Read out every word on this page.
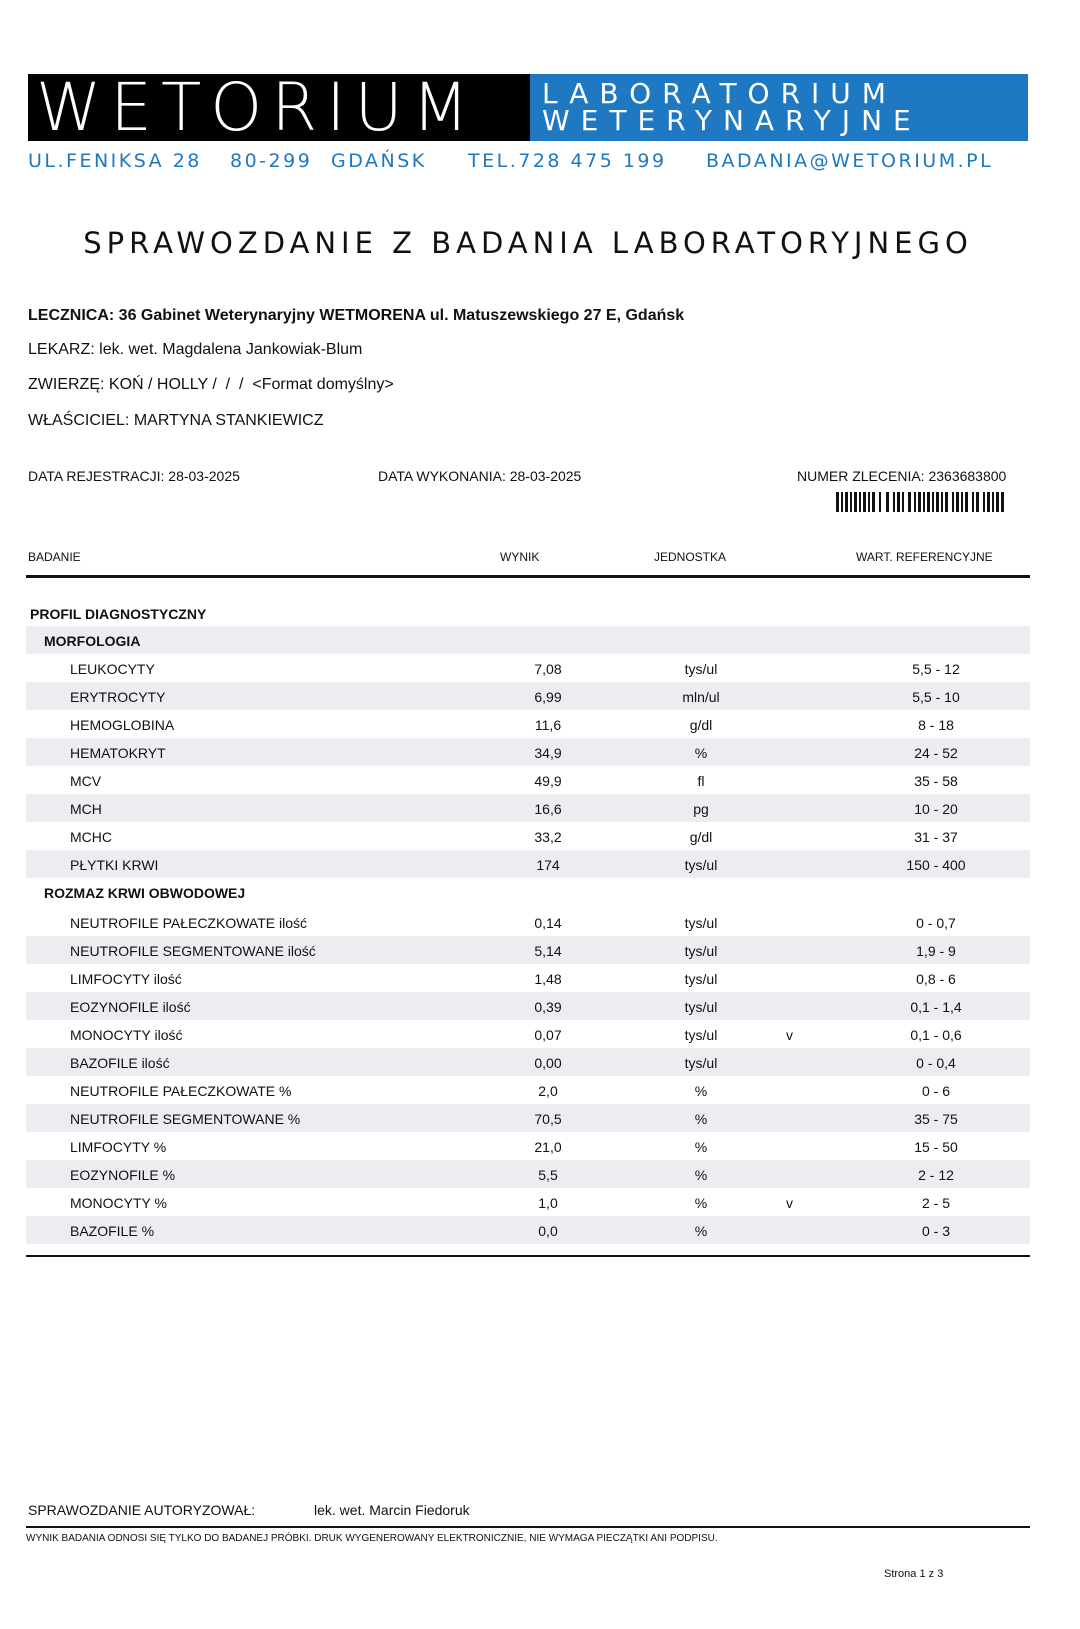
WETORIUM	LABORATORIUM
WETERYNARYJNE
UL.FENIKSA 28 80-299 GDAŃSK TEL.728 475 199 BADANIA@WETORIUM.PL
SPRAWOZDANIE Z BADANIA LABORATORYJNEGO
LECZNICA: 36 Gabinet Weterynaryjny WETMORENA ul. Matuszewskiego 27 E, Gdańsk
LEKARZ: lek. wet. Magdalena Jankowiak-Blum
ZWIERZĘ: KOŃ / HOLLY /  /  /  <Format domyślny>
WŁAŚCICIEL: MARTYNA STANKIEWICZ
DATA REJESTRACJI: 28-03-2025	DATA WYKONANIA: 28-03-2025	NUMER ZLECENIA: 2363683800
BADANIE	WYNIK	JEDNOSTKA	WART. REFERENCYJNE
PROFIL DIAGNOSTYCZNY
MORFOLOGIA
LEUKOCYTY	7,08	tys/ul	5,5 - 12
ERYTROCYTY	6,99	mln/ul	5,5 - 10
HEMOGLOBINA	11,6	g/dl	8 - 18
HEMATOKRYT	34,9	%	24 - 52
MCV	49,9	fl	35 - 58
MCH	16,6	pg	10 - 20
MCHC	33,2	g/dl	31 - 37
PŁYTKI KRWI	174	tys/ul	150 - 400
ROZMAZ KRWI OBWODOWEJ
NEUTROFILE PAŁECZKOWATE ilość	0,14	tys/ul	0 - 0,7
NEUTROFILE SEGMENTOWANE ilość	5,14	tys/ul	1,9 - 9
LIMFOCYTY ilość	1,48	tys/ul	0,8 - 6
EOZYNOFILE ilość	0,39	tys/ul	0,1 - 1,4
MONOCYTY ilość	0,07	tys/ul	v	0,1 - 0,6
BAZOFILE ilość	0,00	tys/ul	0 - 0,4
NEUTROFILE PAŁECZKOWATE %	2,0	%	0 - 6
NEUTROFILE SEGMENTOWANE %	70,5	%	35 - 75
LIMFOCYTY %	21,0	%	15 - 50
EOZYNOFILE %	5,5	%	2 - 12
MONOCYTY %	1,0	%	v	2 - 5
BAZOFILE %	0,0	%	0 - 3
SPRAWOZDANIE AUTORYZOWAŁ:	lek. wet. Marcin Fiedoruk
WYNIK BADANIA ODNOSI SIĘ TYLKO DO BADANEJ PRÓBKI. DRUK WYGENEROWANY ELEKTRONICZNIE, NIE WYMAGA PIECZĄTKI ANI PODPISU.
Strona 1 z 3
